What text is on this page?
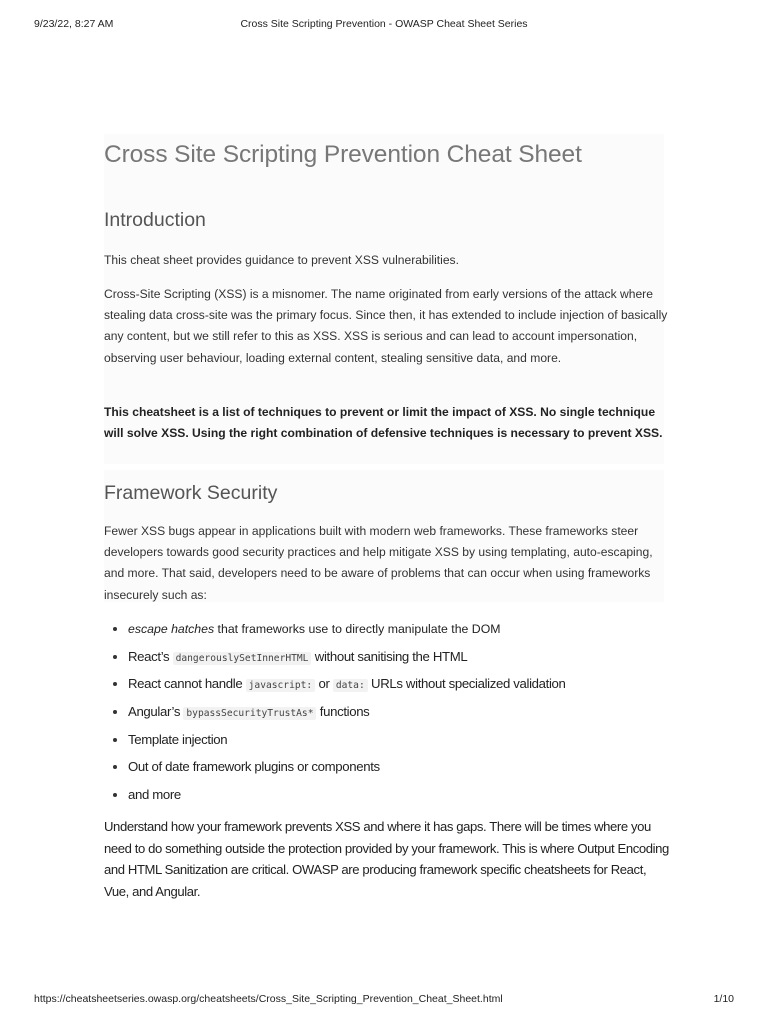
9/23/22, 8:27 AM	Cross Site Scripting Prevention - OWASP Cheat Sheet Series
Cross Site Scripting Prevention Cheat Sheet
Introduction

This cheat sheet provides guidance to prevent XSS vulnerabilities.

Cross-Site Scripting (XSS) is a misnomer. The name originated from early versions of the attack where stealing data cross-site was the primary focus. Since then, it has extended to include injection of basically any content, but we still refer to this as XSS. XSS is serious and can lead to account impersonation, observing user behaviour, loading external content, stealing sensitive data, and more.

This cheatsheet is a list of techniques to prevent or limit the impact of XSS. No single technique will solve XSS. Using the right combination of defensive techniques is necessary to prevent XSS.

Framework Security

Fewer XSS bugs appear in applications built with modern web frameworks. These frameworks steer developers towards good security practices and help mitigate XSS by using templating, auto-escaping, and more. That said, developers need to be aware of problems that can occur when using frameworks insecurely such as:

escape hatches that frameworks use to directly manipulate the DOM
React’s dangerouslySetInnerHTML without sanitising the HTML
React cannot handle javascript: or data: URLs without specialized validation
Angular’s bypassSecurityTrustAs* functions
Template injection
Out of date framework plugins or components
and more

Understand how your framework prevents XSS and where it has gaps. There will be times where you need to do something outside the protection provided by your framework. This is where Output Encoding and HTML Sanitization are critical. OWASP are producing framework specific cheatsheets for React, Vue, and Angular.

https://cheatsheetseries.owasp.org/cheatsheets/Cross_Site_Scripting_Prevention_Cheat_Sheet.html	1/10
